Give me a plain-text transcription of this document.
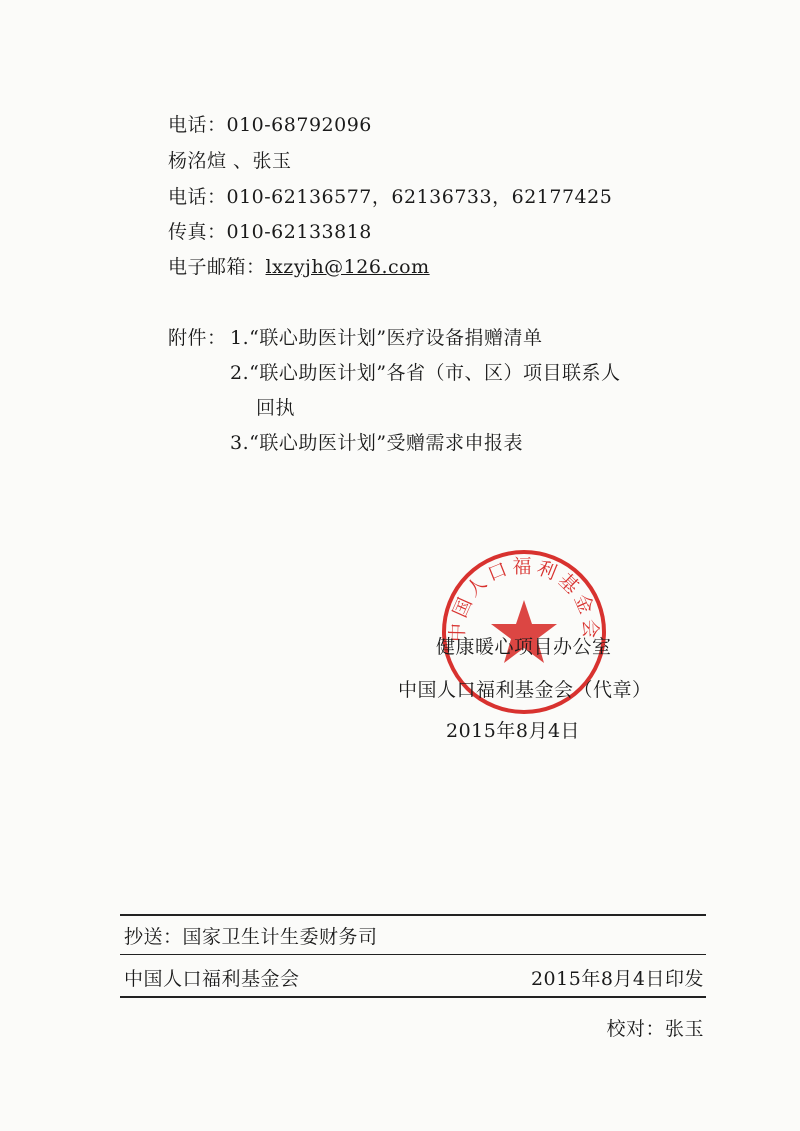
电话：010-68792096
杨洺煊 、张玉
电话：010-62136577，62136733，62177425
传真：010-62133818
电子邮箱：lxzyjh@126.com
附件： 1.“联心助医计划”医疗设备捐赠清单
2.“联心助医计划”各省（市、区）项目联系人
回执
3.“联心助医计划”受赠需求申报表
中国人口福利基金会
健康暖心项目办公室
中国人口福利基金会（代章）
2015年8月4日
抄送：国家卫生计生委财务司
中国人口福利基金会	2015年8月4日印发
校对：张玉
